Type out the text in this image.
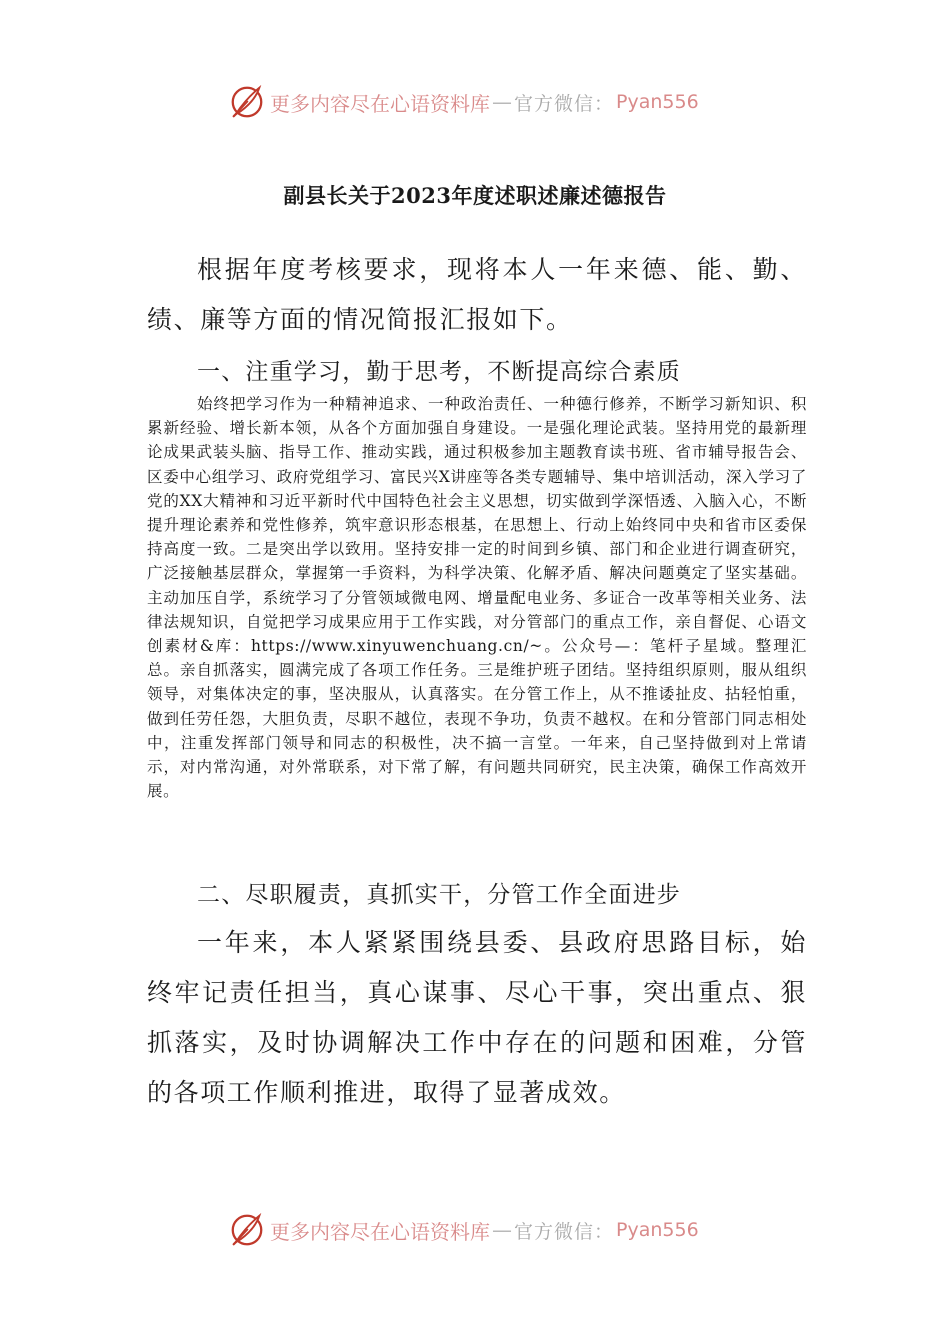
更多内容尽在心语资料库 — 官方微信： Pyan556
副县长关于2023年度述职述廉述德报告

根据年度考核要求，现将本人一年来德、能、勤、绩、廉等方面的情况简报汇报如下。

一、注重学习，勤于思考，不断提高综合素质

始终把学习作为一种精神追求、一种政治责任、一种德行修养，不断学习新知识、积累新经验、增长新本领，从各个方面加强自身建设。一是强化理论武装。坚持用党的最新理论成果武装头脑、指导工作、推动实践，通过积极参加主题教育读书班、省市辅导报告会、区委中心组学习、政府党组学习、富民兴X讲座等各类专题辅导、集中培训活动，深入学习了党的XX大精神和习近平新时代中国特色社会主义思想，切实做到学深悟透、入脑入心，不断提升理论素养和党性修养，筑牢意识形态根基，在思想上、行动上始终同中央和省市区委保持高度一致。二是突出学以致用。坚持安排一定的时间到乡镇、部门和企业进行调查研究，广泛接触基层群众，掌握第一手资料，为科学决策、化解矛盾、解决问题奠定了坚实基础。主动加压自学，系统学习了分管领域微电网、增量配电业务、多证合一改革等相关业务、法律法规知识，自觉把学习成果应用于工作实践，对分管部门的重点工作，亲自督促、心语文创素材&库：https://www.xinyuwenchuang.cn/~。公众号—：笔杆子星域。整理汇总。亲自抓落实，圆满完成了各项工作任务。三是维护班子团结。坚持组织原则，服从组织领导，对集体决定的事，坚决服从，认真落实。在分管工作上，从不推诿扯皮、拈轻怕重，做到任劳任怨，大胆负责，尽职不越位，表现不争功，负责不越权。在和分管部门同志相处中，注重发挥部门领导和同志的积极性，决不搞一言堂。一年来，自己坚持做到对上常请示，对内常沟通，对外常联系，对下常了解，有问题共同研究，民主决策，确保工作高效开展。

二、尽职履责，真抓实干，分管工作全面进步

一年来，本人紧紧围绕县委、县政府思路目标，始终牢记责任担当，真心谋事、尽心干事，突出重点、狠抓落实，及时协调解决工作中存在的问题和困难，分管的各项工作顺利推进，取得了显著成效。

更多内容尽在心语资料库 — 官方微信： Pyan556
